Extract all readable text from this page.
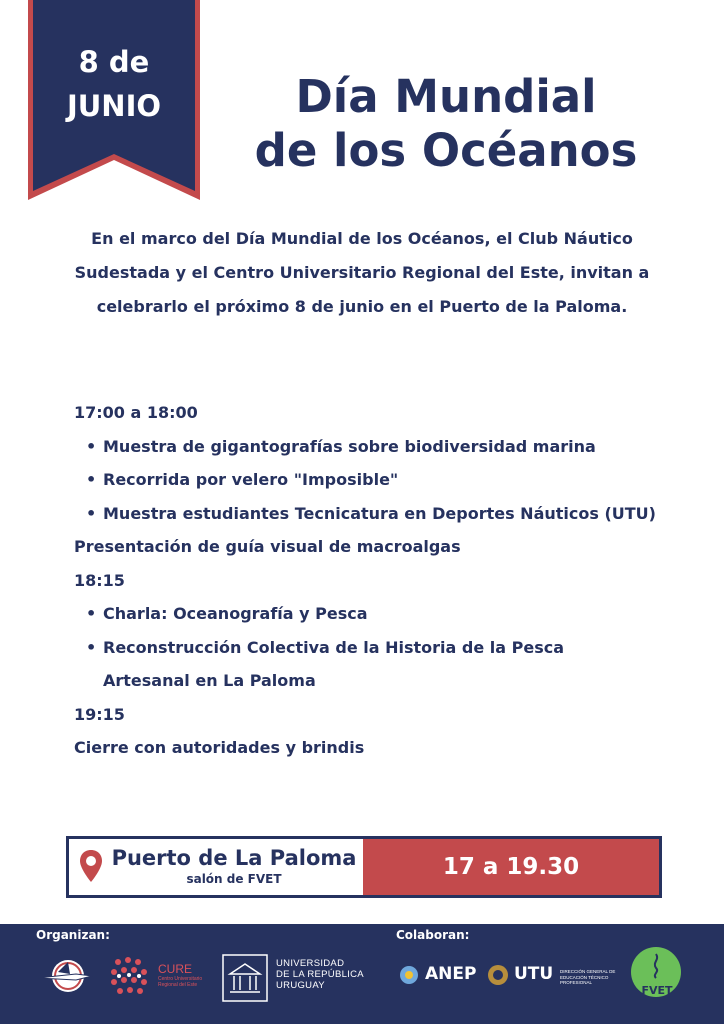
8 de
JUNIO	Día Mundial
de los Océanos
En el marco del Día Mundial de los Océanos, el Club Náutico
Sudestada y el Centro Universitario Regional del Este, invitan a
celebrarlo el próximo 8 de junio en el Puerto de la Paloma.
17:00 a 18:00
• Muestra de gigantografías sobre biodiversidad marina
• Recorrida por velero "Imposible"
• Muestra estudiantes Tecnicatura en Deportes Náuticos (UTU)
Presentación de guía visual de macroalgas
18:15
• Charla: Oceanografía y Pesca
• Reconstrucción Colectiva de la Historia de la Pesca Artesanal en La Paloma
19:15
Cierre con autoridades y brindis
Puerto de La Paloma
salón de FVET	17 a 19.30
Organizan:	Colaboran:
CURE
Centro Universitario Regional del Este
UNIVERSIDAD
DE LA REPÚBLICA
URUGUAY
ANEP UTU DIRECCIÓN GENERAL DE EDUCACIÓN TÉCNICO PROFESIONAL
FVET
